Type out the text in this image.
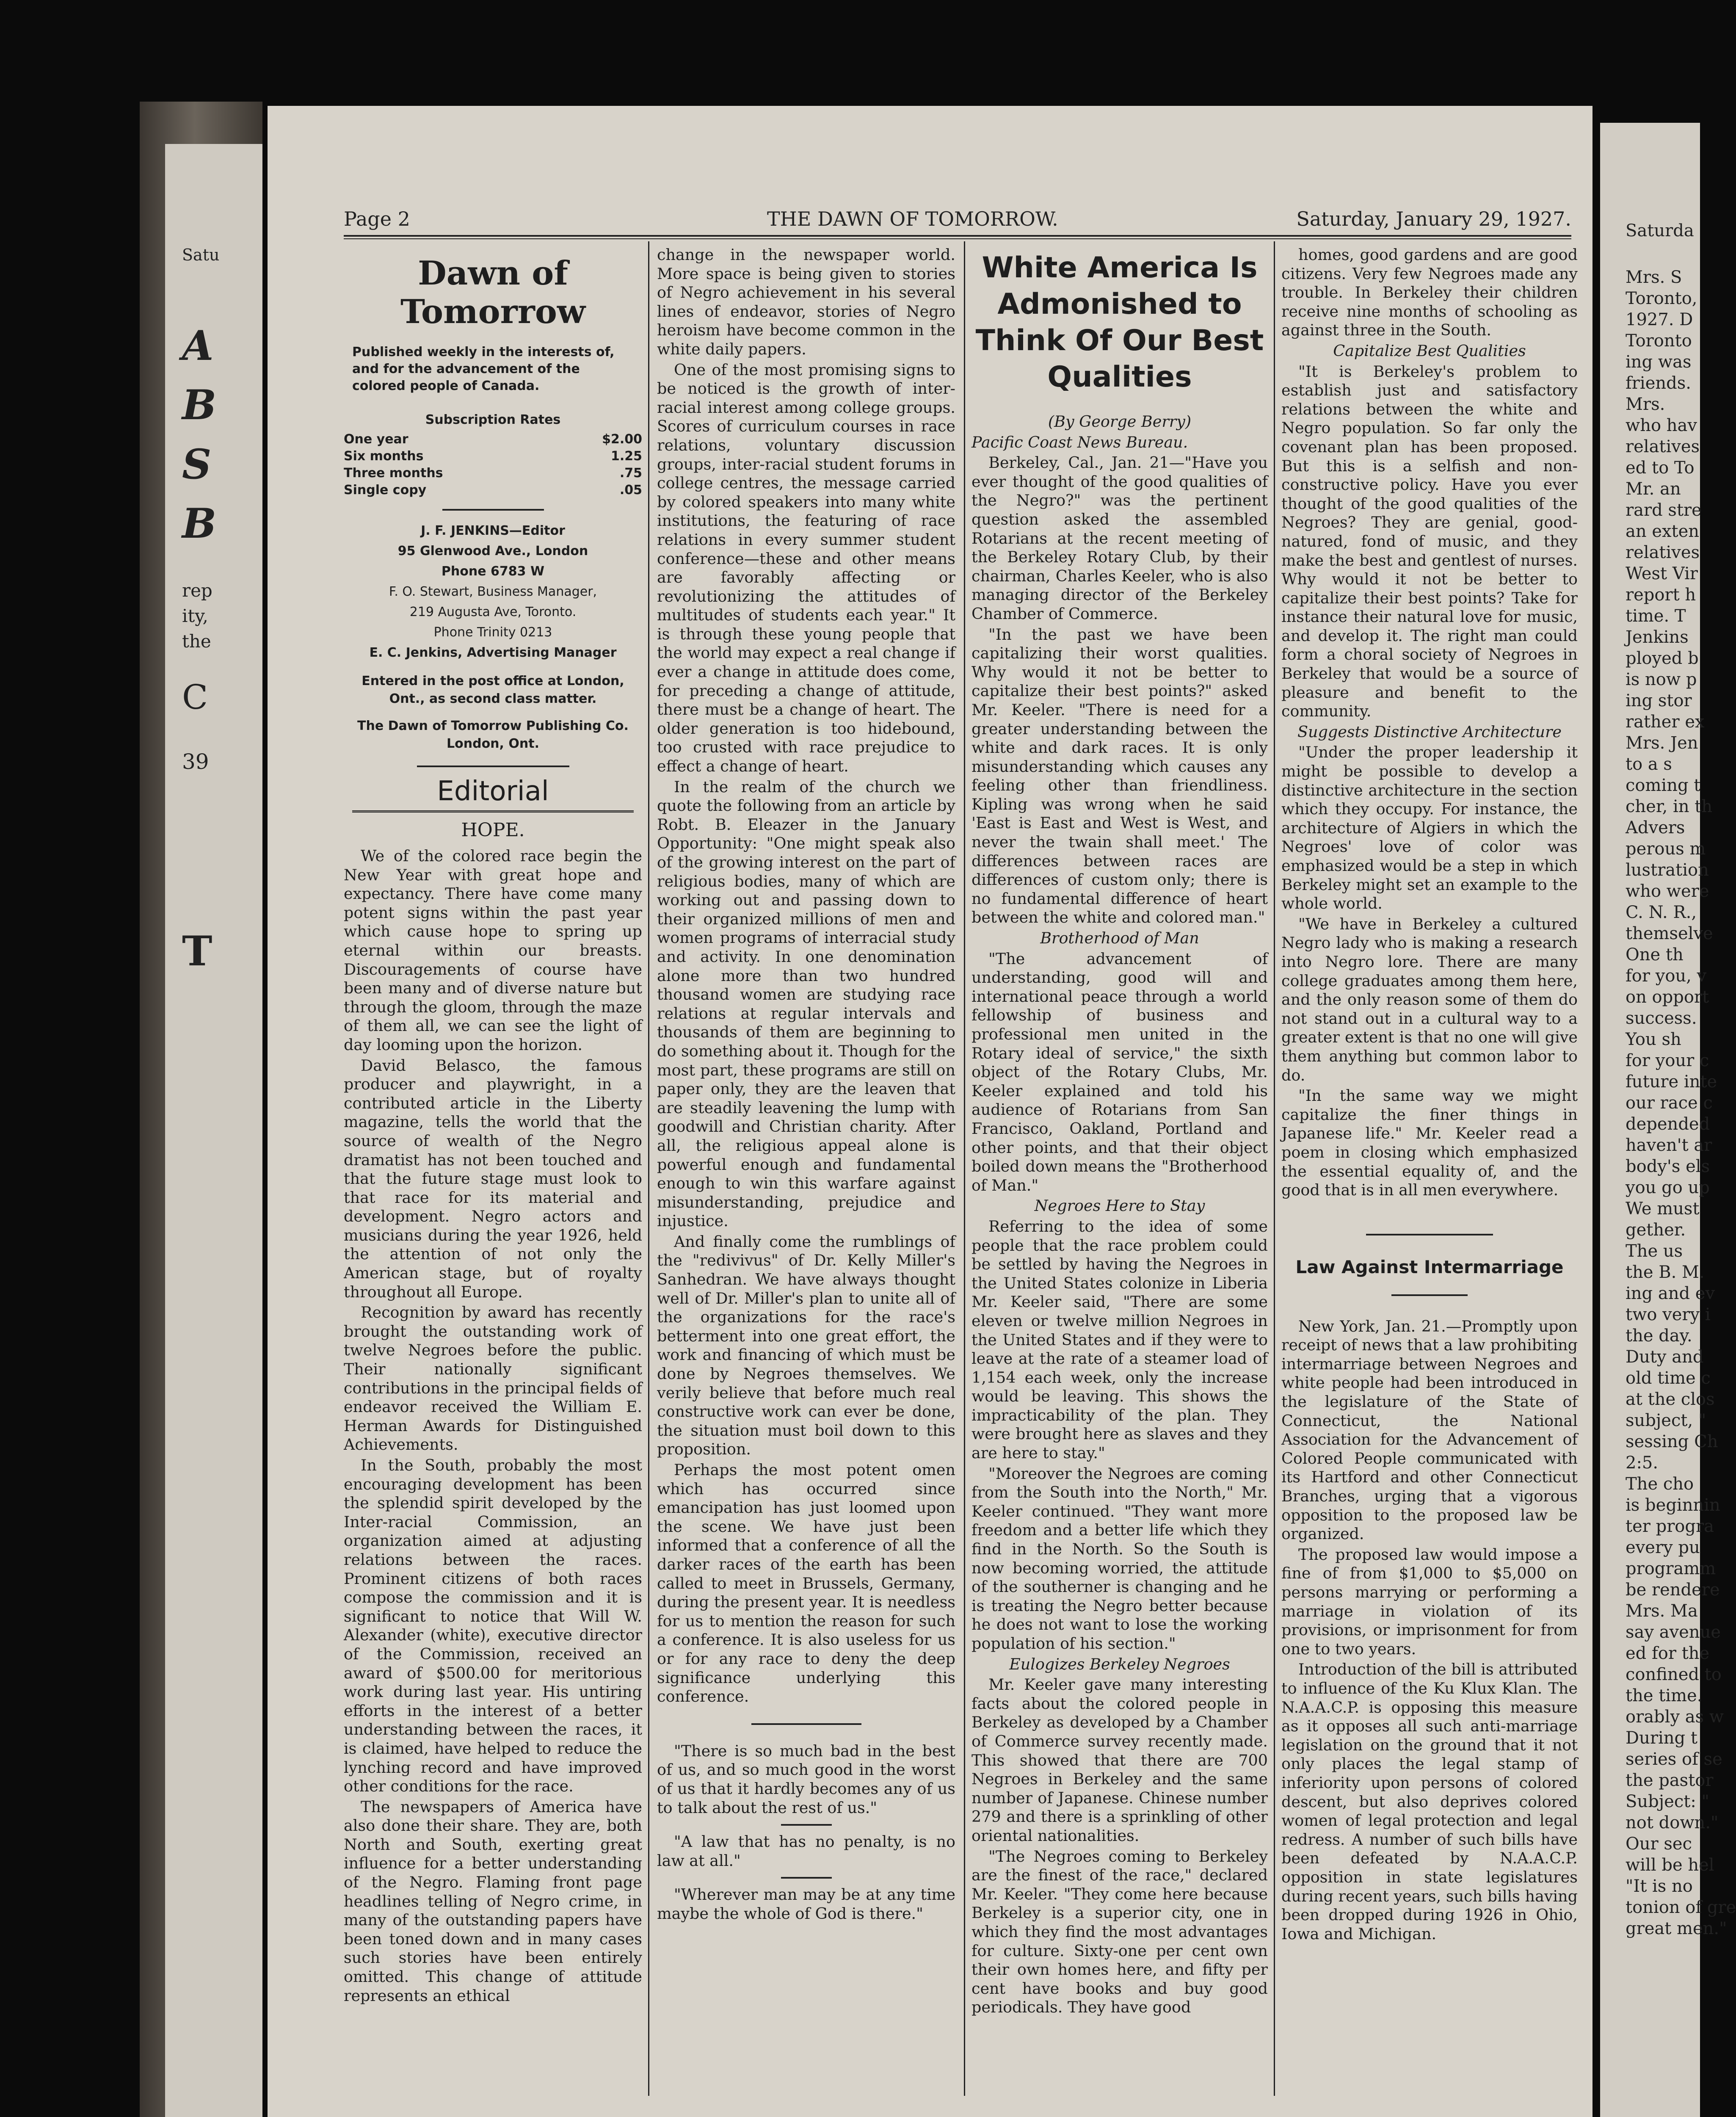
Satu
A
B
S
B
rep
ity,
the
C
39
T
Saturda
Mrs. S
Toronto,
1927. D
Toronto
ing was
friends.
Mrs.
who hav
relatives
ed to To
Mr. an
rard stre
an exten
relatives
West Vir
report h
time. T
Jenkins
ployed b
is now p
ing stor
rather ex
Mrs. Jen
to a s
coming t
cher, in th
Advers
perous m
lustration
who were
C. N. R.,
themselve
One th
for you, v
on opport
success.
You sh
for your c
future inte
our race c
depended
haven't ar
body's els
you go up
We must
gether.
The us
the B. M.
ing and ev
two very i
the day.
Duty and
old time c
at the clos
subject, "
sessing Ch
2:5.
The cho
is beginnin
ter progra
every pu
programm
be rendere
Mrs. Ma
say avenue
ed for the
confined to
the time.
orably as w
During t
series of se
the pastor
Subject: "
not down."
Our sec
will be hel
"It is no
tonion of gre
great men."
Page 2	THE DAWN OF TOMORROW.	Saturday, January 29, 1927.
Dawn of Tomorrow
Published weekly in the interests of, and for the advancement of the colored people of Canada.
Subscription Rates
One year	$2.00
Six months	1.25
Three months	.75
Single copy	.05
J. F. JENKINS—Editor
95 Glenwood Ave., London
Phone 6783 W
F. O. Stewart, Business Manager,
219 Augusta Ave, Toronto.
Phone Trinity 0213
E. C. Jenkins, Advertising Manager
Entered in the post office at London, Ont., as second class matter.
The Dawn of Tomorrow Publishing Co. London, Ont.
Editorial
HOPE.

We of the colored race begin the New Year with great hope and expectancy. There have come many potent signs within the past year which cause hope to spring up eternal within our breasts. Discouragements of course have been many and of diverse nature but through the gloom, through the maze of them all, we can see the light of day looming upon the horizon.

David Belasco, the famous producer and playwright, in a contributed article in the Liberty magazine, tells the world that the source of wealth of the Negro dramatist has not been touched and that the future stage must look to that race for its material and development. Negro actors and musicians during the year 1926, held the attention of not only the American stage, but of royalty throughout all Europe.

Recognition by award has recently brought the outstanding work of twelve Negroes before the public. Their nationally significant contributions in the principal fields of endeavor received the William E. Herman Awards for Distinguished Achievements.

In the South, probably the most encouraging development has been the splendid spirit developed by the Inter-racial Commission, an organization aimed at adjusting relations between the races. Prominent citizens of both races compose the commission and it is significant to notice that Will W. Alexander (white), executive director of the Commission, received an award of $500.00 for meritorious work during last year. His untiring efforts in the interest of a better understanding between the races, it is claimed, have helped to reduce the lynching record and have improved other conditions for the race.

The newspapers of America have also done their share. They are, both North and South, exerting great influence for a better understanding of the Negro. Flaming front page headlines telling of Negro crime, in many of the outstanding papers have been toned down and in many cases such stories have been entirely omitted. This change of attitude represents an ethical

change in the newspaper world. More space is being given to stories of Negro achievement in his several lines of endeavor, stories of Negro heroism have become common in the white daily papers.

One of the most promising signs to be noticed is the growth of inter-racial interest among college groups. Scores of curriculum courses in race relations, voluntary discussion groups, inter-racial student forums in college centres, the message carried by colored speakers into many white institutions, the featuring of race relations in every summer student conference—these and other means are favorably affecting or revolutionizing the attitudes of multitudes of students each year." It is through these young people that the world may expect a real change if ever a change in attitude does come, for preceding a change of attitude, there must be a change of heart. The older generation is too hidebound, too crusted with race prejudice to effect a change of heart.

In the realm of the church we quote the following from an article by Robt. B. Eleazer in the January Opportunity: "One might speak also of the growing interest on the part of religious bodies, many of which are working out and passing down to their organized millions of men and women programs of interracial study and activity. In one denomination alone more than two hundred thousand women are studying race relations at regular intervals and thousands of them are beginning to do something about it. Though for the most part, these programs are still on paper only, they are the leaven that are steadily leavening the lump with goodwill and Christian charity. After all, the religious appeal alone is powerful enough and fundamental enough to win this warfare against misunderstanding, prejudice and injustice.

And finally come the rumblings of the "redivivus" of Dr. Kelly Miller's Sanhedran. We have always thought well of Dr. Miller's plan to unite all of the organizations for the race's betterment into one great effort, the work and financing of which must be done by Negroes themselves. We verily believe that before much real constructive work can ever be done, the situation must boil down to this proposition.

Perhaps the most potent omen which has occurred since emancipation has just loomed upon the scene. We have just been informed that a conference of all the darker races of the earth has been called to meet in Brussels, Germany, during the present year. It is needless for us to mention the reason for such a conference. It is also useless for us or for any race to deny the deep significance underlying this conference.

"There is so much bad in the best of us, and so much good in the worst of us that it hardly becomes any of us to talk about the rest of us."

"A law that has no penalty, is no law at all."

"Wherever man may be at any time maybe the whole of God is there."

White America Is Admonished to Think Of Our Best Qualities

(By George Berry)

Pacific Coast News Bureau.

Berkeley, Cal., Jan. 21—"Have you ever thought of the good qualities of the Negro?" was the pertinent question asked the assembled Rotarians at the recent meeting of the Berkeley Rotary Club, by their chairman, Charles Keeler, who is also managing director of the Berkeley Chamber of Commerce.

"In the past we have been capitalizing their worst qualities. Why would it not be better to capitalize their best points?" asked Mr. Keeler. "There is need for a greater understanding between the white and dark races. It is only misunderstanding which causes any feeling other than friendliness. Kipling was wrong when he said 'East is East and West is West, and never the twain shall meet.' The differences between races are differences of custom only; there is no fundamental difference of heart between the white and colored man."

Brotherhood of Man

"The advancement of understanding, good will and international peace through a world fellowship of business and professional men united in the Rotary ideal of service," the sixth object of the Rotary Clubs, Mr. Keeler explained and told his audience of Rotarians from San Francisco, Oakland, Portland and other points, and that their object boiled down means the "Brotherhood of Man."

Negroes Here to Stay

Referring to the idea of some people that the race problem could be settled by having the Negroes in the United States colonize in Liberia Mr. Keeler said, "There are some eleven or twelve million Negroes in the United States and if they were to leave at the rate of a steamer load of 1,154 each week, only the increase would be leaving. This shows the impracticability of the plan. They were brought here as slaves and they are here to stay."

"Moreover the Negroes are coming from the South into the North," Mr. Keeler continued. "They want more freedom and a better life which they find in the North. So the South is now becoming worried, the attitude of the southerner is changing and he is treating the Negro better because he does not want to lose the working population of his section."

Eulogizes Berkeley Negroes

Mr. Keeler gave many interesting facts about the colored people in Berkeley as developed by a Chamber of Commerce survey recently made. This showed that there are 700 Negroes in Berkeley and the same number of Japanese. Chinese number 279 and there is a sprinkling of other oriental nationalities.

"The Negroes coming to Berkeley are the finest of the race," declared Mr. Keeler. "They come here because Berkeley is a superior city, one in which they find the most advantages for culture. Sixty-one per cent own their own homes here, and fifty per cent have books and buy good periodicals. They have good

homes, good gardens and are good citizens. Very few Negroes made any trouble. In Berkeley their children receive nine months of schooling as against three in the South.

Capitalize Best Qualities

"It is Berkeley's problem to establish just and satisfactory relations between the white and Negro population. So far only the covenant plan has been proposed. But this is a selfish and non-constructive policy. Have you ever thought of the good qualities of the Negroes? They are genial, good-natured, fond of music, and they make the best and gentlest of nurses. Why would it not be better to capitalize their best points? Take for instance their natural love for music, and develop it. The right man could form a choral society of Negroes in Berkeley that would be a source of pleasure and benefit to the community.

Suggests Distinctive Architecture

"Under the proper leadership it might be possible to develop a distinctive architecture in the section which they occupy. For instance, the architecture of Algiers in which the Negroes' love of color was emphasized would be a step in which Berkeley might set an example to the whole world.

"We have in Berkeley a cultured Negro lady who is making a research into Negro lore. There are many college graduates among them here, and the only reason some of them do not stand out in a cultural way to a greater extent is that no one will give them anything but common labor to do.

"In the same way we might capitalize the finer things in Japanese life." Mr. Keeler read a poem in closing which emphasized the essential equality of, and the good that is in all men everywhere.

Law Against Intermarriage

New York, Jan. 21.—Promptly upon receipt of news that a law prohibiting intermarriage between Negroes and white people had been introduced in the legislature of the State of Connecticut, the National Association for the Advancement of Colored People communicated with its Hartford and other Connecticut Branches, urging that a vigorous opposition to the proposed law be organized.

The proposed law would impose a fine of from $1,000 to $5,000 on persons marrying or performing a marriage in violation of its provisions, or imprisonment for from one to two years.

Introduction of the bill is attributed to influence of the Ku Klux Klan. The N.A.A.C.P. is opposing this measure as it opposes all such anti-marriage legislation on the ground that it not only places the legal stamp of inferiority upon persons of colored descent, but also deprives colored women of legal protection and legal redress. A number of such bills have been defeated by N.A.A.C.P. opposition in state legislatures during recent years, such bills having been dropped during 1926 in Ohio, Iowa and Michigan.
